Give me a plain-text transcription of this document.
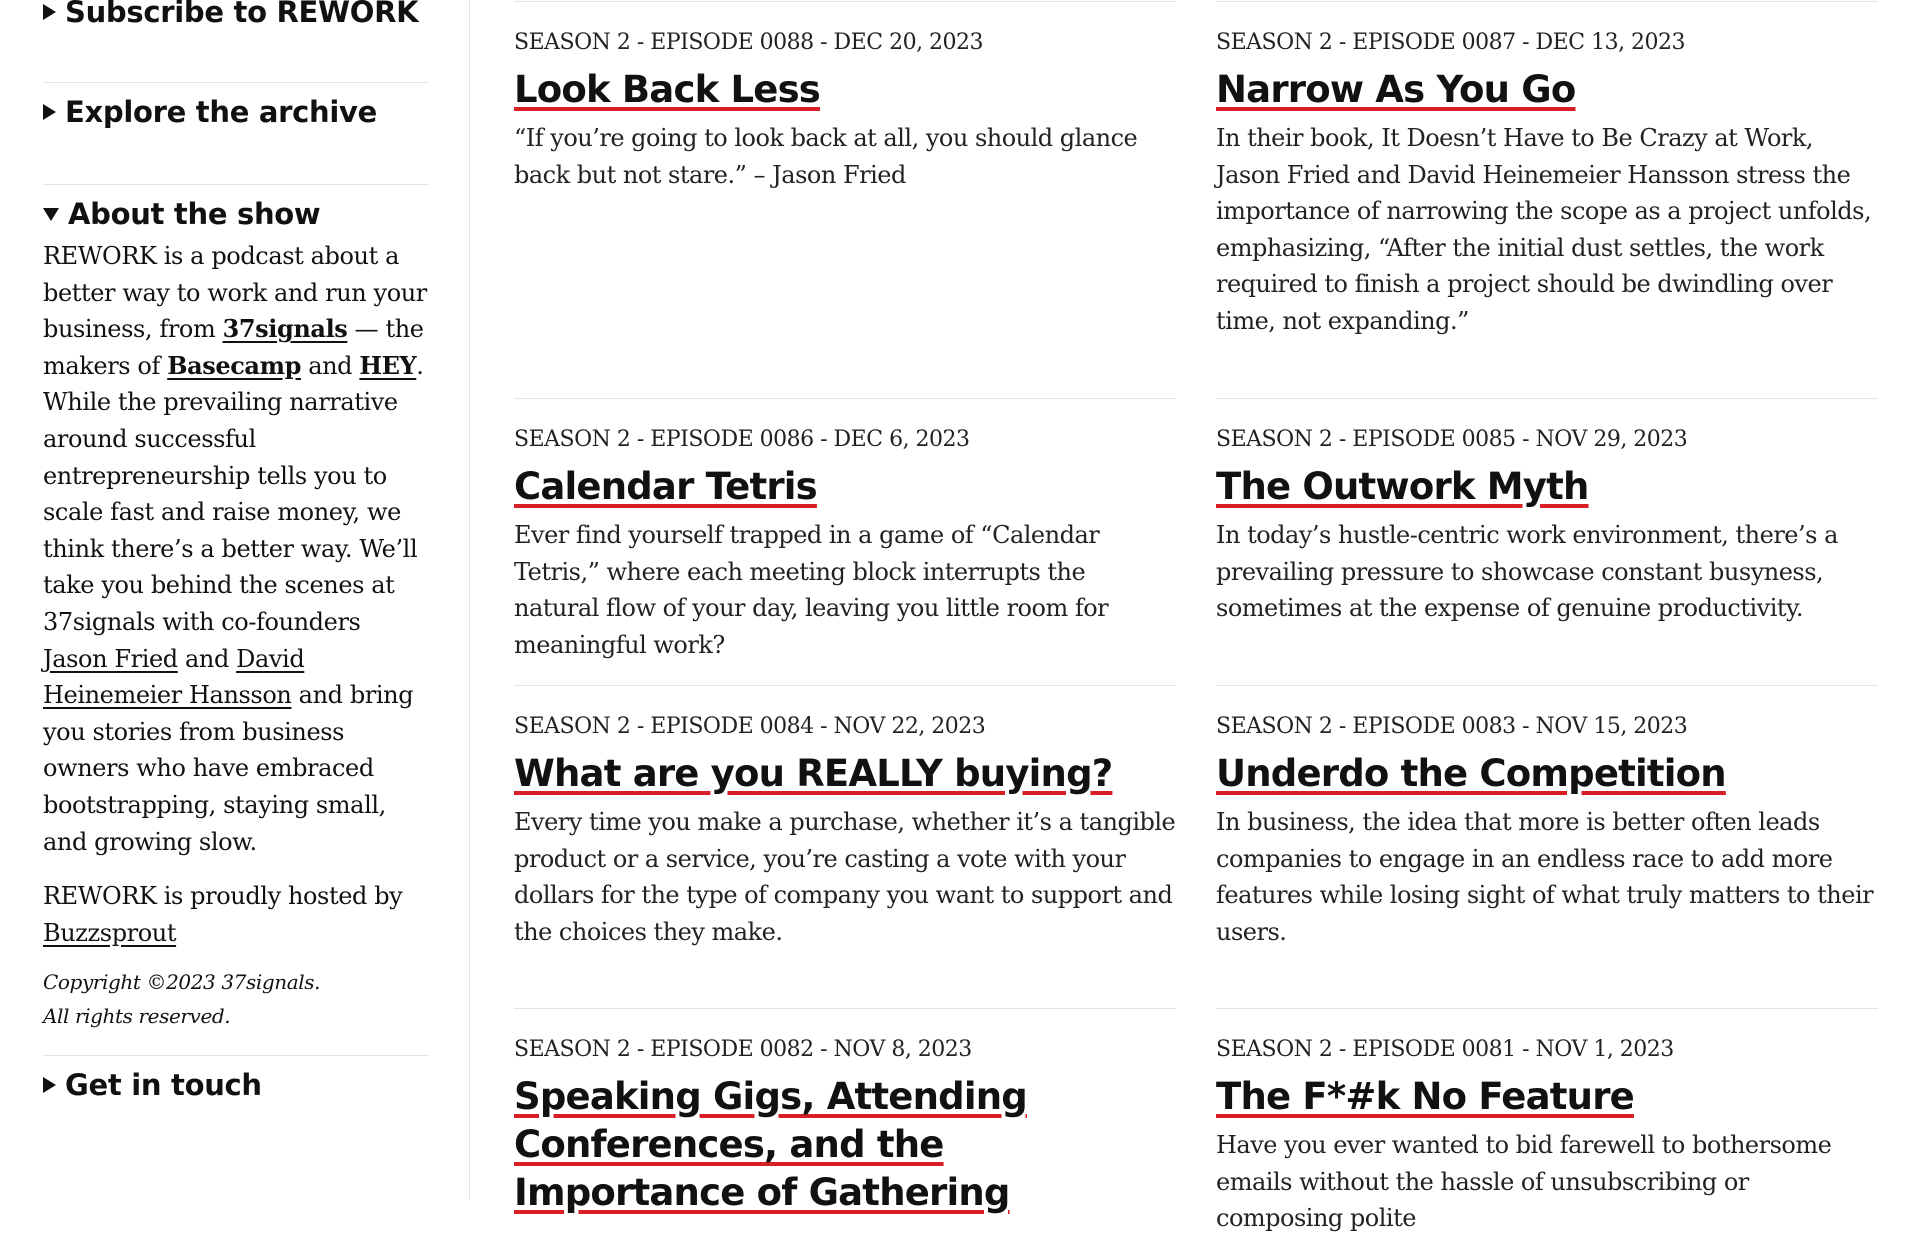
Subscribe to REWORK
Explore the archive
About the show

REWORK is a podcast about a better way to work and run your business, from 37signals — the makers of Basecamp and HEY. While the prevailing narrative around successful entrepreneurship tells you to scale fast and raise money, we think there’s a better way. We’ll take you behind the scenes at 37signals with co-founders Jason Fried and David Heinemeier Hansson and bring you stories from business owners who have embraced bootstrapping, staying small, and growing slow.

REWORK is proudly hosted by Buzzsprout

Copyright ©2023 37signals.
All rights reserved.

Get in touch
SEASON 2 - EPISODE 0088 - DEC 20, 2023
Look Back Less
“If you’re going to look back at all, you should glance back but not stare.” – Jason Fried
SEASON 2 - EPISODE 0087 - DEC 13, 2023
Narrow As You Go
In their book, It Doesn’t Have to Be Crazy at Work, Jason Fried and David Heinemeier Hansson stress the importance of narrowing the scope as a project unfolds, emphasizing, “After the initial dust settles, the work required to finish a project should be dwindling over time, not expanding.”
SEASON 2 - EPISODE 0086 - DEC 6, 2023
Calendar Tetris
Ever find yourself trapped in a game of “Calendar Tetris,” where each meeting block interrupts the natural flow of your day, leaving you little room for meaningful work?
SEASON 2 - EPISODE 0085 - NOV 29, 2023
The Outwork Myth
In today’s hustle-centric work environment, there’s a prevailing pressure to showcase constant busyness, sometimes at the expense of genuine productivity.
SEASON 2 - EPISODE 0084 - NOV 22, 2023
What are you REALLY buying?
Every time you make a purchase, whether it’s a tangible product or a service, you’re casting a vote with your dollars for the type of company you want to support and the choices they make.
SEASON 2 - EPISODE 0083 - NOV 15, 2023
Underdo the Competition
In business, the idea that more is better often leads companies to engage in an endless race to add more features while losing sight of what truly matters to their users.
SEASON 2 - EPISODE 0082 - NOV 8, 2023
Speaking Gigs, Attending Conferences, and the Importance of Gathering
SEASON 2 - EPISODE 0081 - NOV 1, 2023
The F*#k No Feature
Have you ever wanted to bid farewell to bothersome emails without the hassle of unsubscribing or composing polite
